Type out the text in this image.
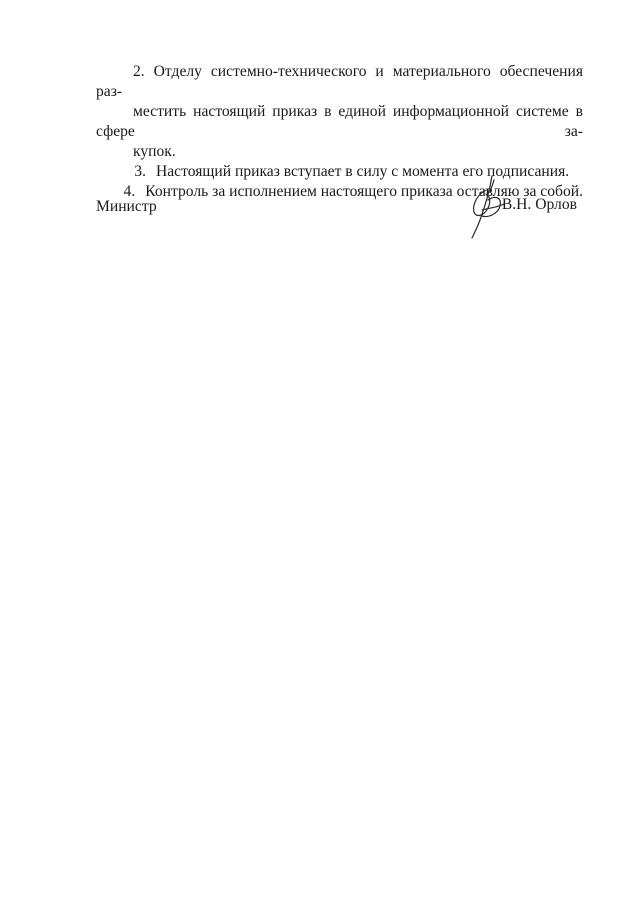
2. Отделу системно-технического и материального обеспечения раз-
местить настоящий приказ в единой информационной системе в сфере за-
купок.

3. Настоящий приказ вступает в силу с момента его подписания.

4. Контроль за исполнением настоящего приказа оставляю за собой.

Министр	В.Н. Орлов
